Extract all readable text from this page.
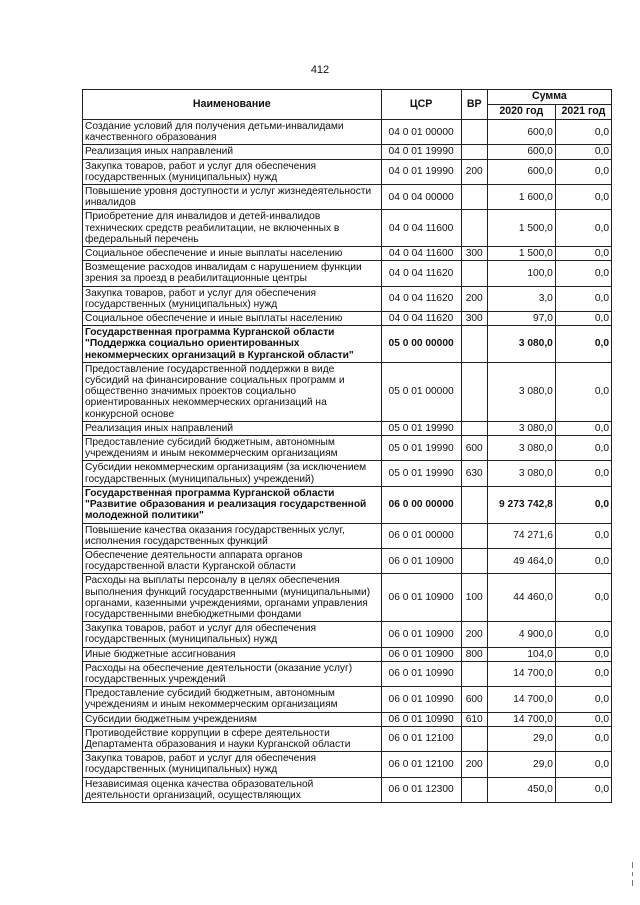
412
Наименование	ЦСР	ВР	Сумма	
			2020 год	2021 год
Создание условий для получения детьми-инвалидами качественного образования	04 0 01 00000		600,0	0,0
Реализация иных направлений	04 0 01 19990		600,0	0,0
Закупка товаров, работ и услуг для обеспечения государственных (муниципальных) нужд	04 0 01 19990	200	600,0	0,0
Повышение уровня доступности и услуг жизнедеятельности инвалидов	04 0 04 00000		1 600,0	0,0
Приобретение для инвалидов и детей-инвалидов технических средств реабилитации, не включенных в федеральный перечень	04 0 04 11600		1 500,0	0,0
Социальное обеспечение и иные выплаты населению	04 0 04 11600	300	1 500,0	0,0
Возмещение расходов инвалидам с нарушением функции зрения за проезд в реабилитационные центры	04 0 04 11620		100,0	0,0
Закупка товаров, работ и услуг для обеспечения государственных (муниципальных) нужд	04 0 04 11620	200	3,0	0,0
Социальное обеспечение и иные выплаты населению	04 0 04 11620	300	97,0	0,0
Государственная программа Курганской области "Поддержка социально ориентированных некоммерческих организаций в Курганской области"	05 0 00 00000		3 080,0	0,0
Предоставление государственной поддержки в виде субсидий на финансирование социальных программ и общественно значимых проектов социально ориентированных некоммерческих организаций на конкурсной основе	05 0 01 00000		3 080,0	0,0
Реализация иных направлений	05 0 01 19990		3 080,0	0,0
Предоставление субсидий бюджетным, автономным учреждениям и иным некоммерческим организациям	05 0 01 19990	600	3 080,0	0,0
Субсидии некоммерческим организациям (за исключением государственных (муниципальных) учреждений)	05 0 01 19990	630	3 080,0	0,0
Государственная программа Курганской области "Развитие образования и реализация государственной молодежной политики"	06 0 00 00000		9 273 742,8	0,0
Повышение качества оказания государственных услуг, исполнения государственных функций	06 0 01 00000		74 271,6	0,0
Обеспечение деятельности аппарата органов государственной власти Курганской области	06 0 01 10900		49 464,0	0,0
Расходы на выплаты персоналу в целях обеспечения выполнения функций государственными (муниципальными) органами, казенными учреждениями, органами управления государственными внебюджетными фондами	06 0 01 10900	100	44 460,0	0,0
Закупка товаров, работ и услуг для обеспечения государственных (муниципальных) нужд	06 0 01 10900	200	4 900,0	0,0
Иные бюджетные ассигнования	06 0 01 10900	800	104,0	0,0
Расходы на обеспечение деятельности (оказание услуг) государственных учреждений	06 0 01 10990		14 700,0	0,0
Предоставление субсидий бюджетным, автономным учреждениям и иным некоммерческим организациям	06 0 01 10990	600	14 700,0	0,0
Субсидии бюджетным учреждениям	06 0 01 10990	610	14 700,0	0,0
Противодействие коррупции в сфере деятельности Департамента образования и науки Курганской области	06 0 01 12100		29,0	0,0
Закупка товаров, работ и услуг для обеспечения государственных (муниципальных) нужд	06 0 01 12100	200	29,0	0,0
Независимая оценка качества образовательной деятельности организаций, осуществляющих	06 0 01 12300		450,0	0,0
